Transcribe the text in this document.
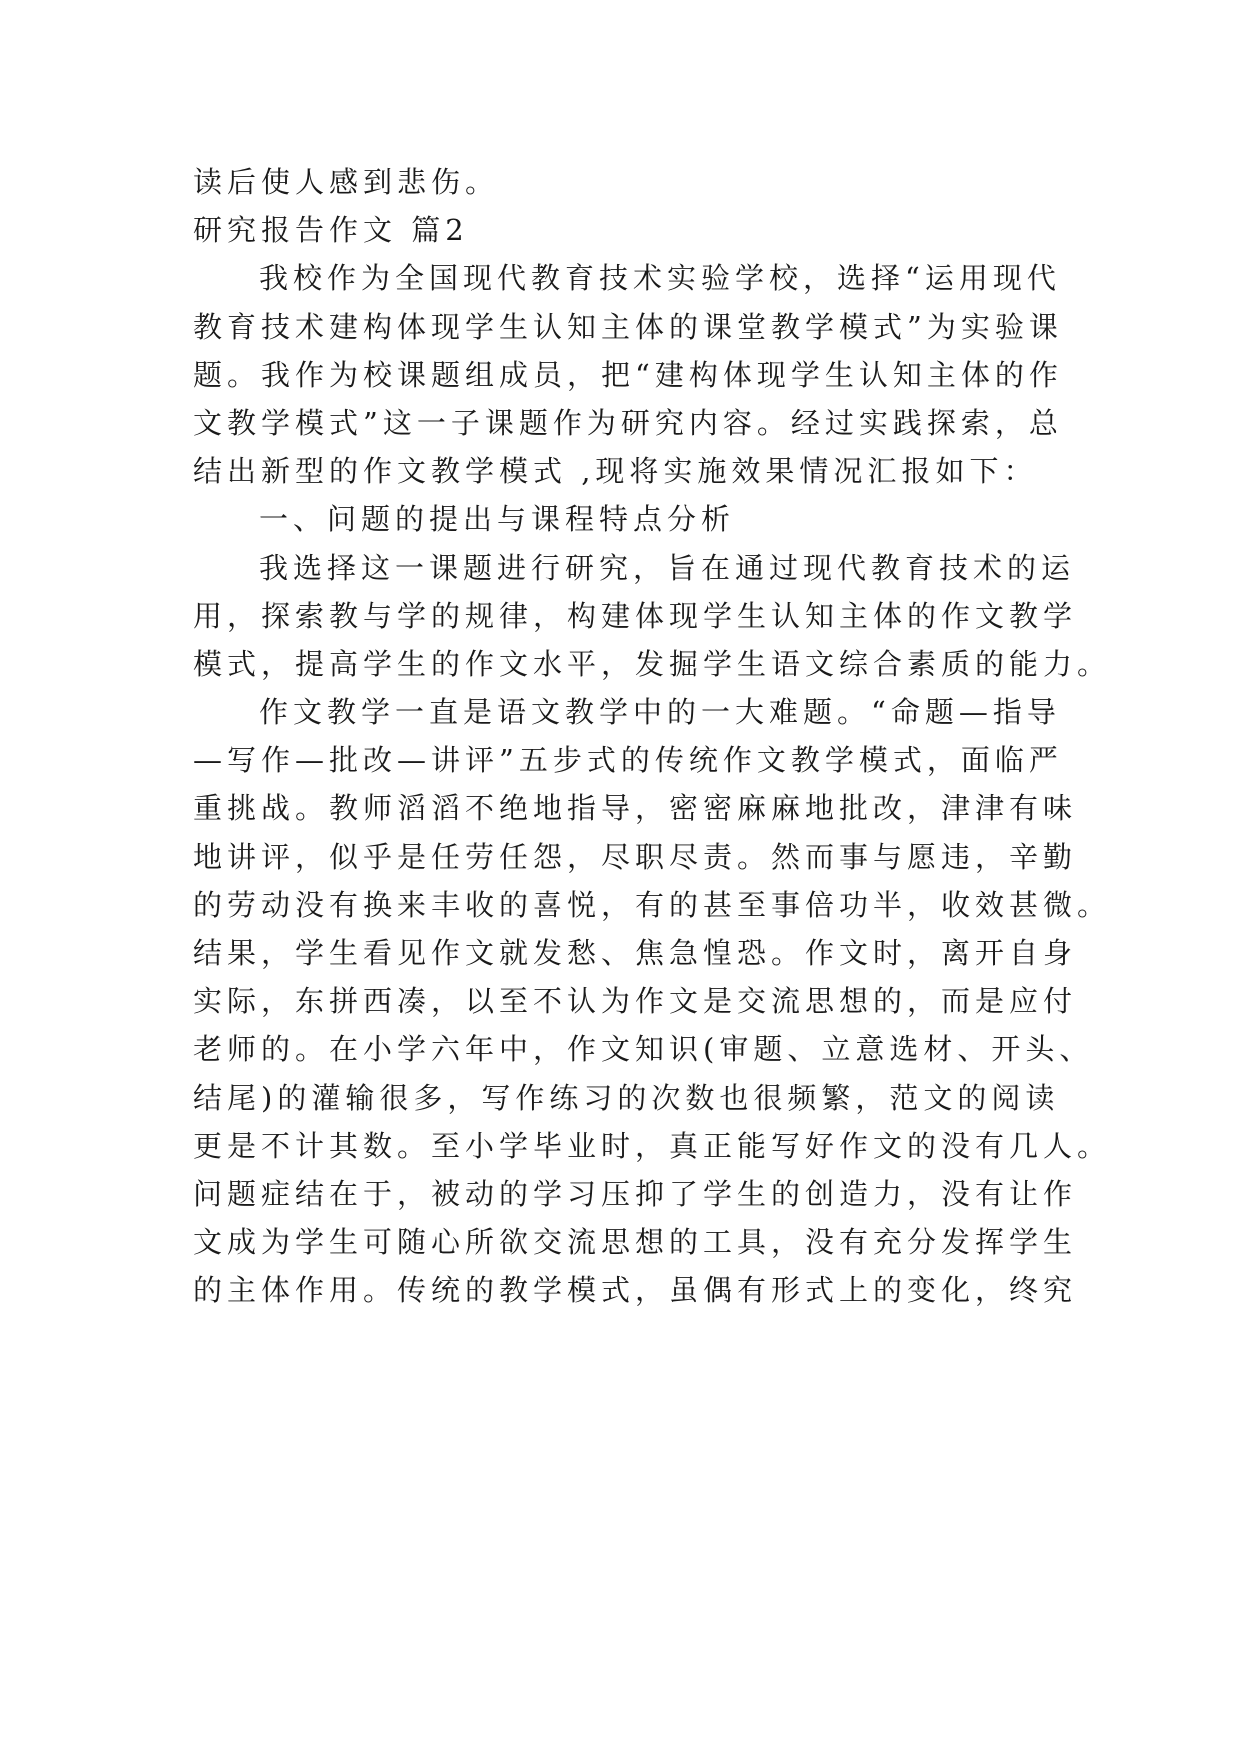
读后使人感到悲伤。
研究报告作文 篇2
我校作为全国现代教育技术实验学校，选择“运用现代
教育技术建构体现学生认知主体的课堂教学模式”为实验课
题。我作为校课题组成员，把“建构体现学生认知主体的作
文教学模式”这一子课题作为研究内容。经过实践探索，总
结出新型的作文教学模式 ,现将实施效果情况汇报如下：
一、问题的提出与课程特点分析
我选择这一课题进行研究，旨在通过现代教育技术的运
用，探索教与学的规律，构建体现学生认知主体的作文教学
模式，提高学生的作文水平，发掘学生语文综合素质的能力。
作文教学一直是语文教学中的一大难题。“命题—指导
—写作—批改—讲评”五步式的传统作文教学模式，面临严
重挑战。教师滔滔不绝地指导，密密麻麻地批改，津津有味
地讲评，似乎是任劳任怨，尽职尽责。然而事与愿违，辛勤
的劳动没有换来丰收的喜悦，有的甚至事倍功半，收效甚微。
结果，学生看见作文就发愁、焦急惶恐。作文时，离开自身
实际，东拼西凑，以至不认为作文是交流思想的，而是应付
老师的。在小学六年中，作文知识(审题、立意选材、开头、
结尾)的灌输很多，写作练习的次数也很频繁，范文的阅读
更是不计其数。至小学毕业时，真正能写好作文的没有几人。
问题症结在于，被动的学习压抑了学生的创造力，没有让作
文成为学生可随心所欲交流思想的工具，没有充分发挥学生
的主体作用。传统的教学模式，虽偶有形式上的变化，终究
